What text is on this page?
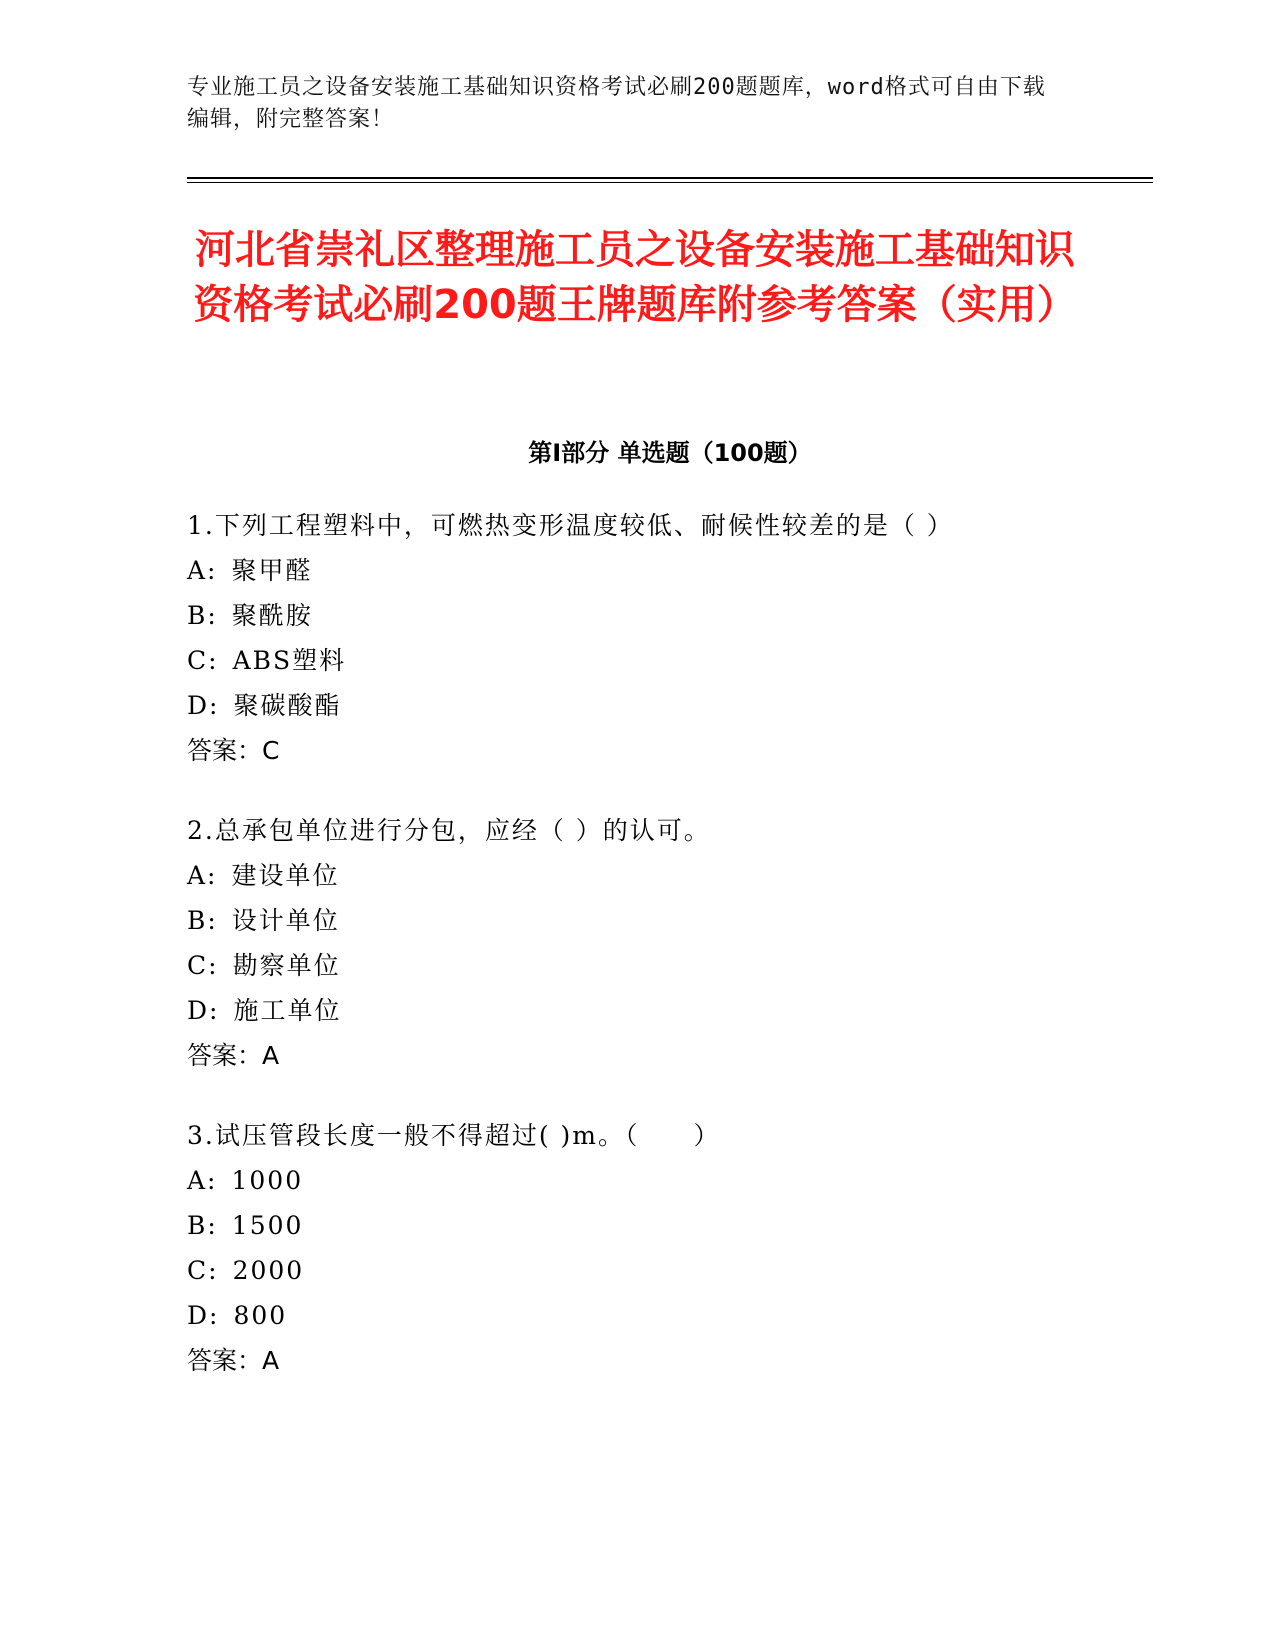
专业施工员之设备安装施工基础知识资格考试必刷200题题库，word格式可自由下载编辑，附完整答案！

河北省崇礼区整理施工员之设备安装施工基础知识资格考试必刷200题王牌题库附参考答案（实用）
第Ⅰ部分 单选题（100题）

1.下列工程塑料中，可燃热变形温度较低、耐候性较差的是（ ）

A: 聚甲醛

B: 聚酰胺

C: ABS塑料

D: 聚碳酸酯

答案：C

2.总承包单位进行分包，应经（ ）的认可。

A: 建设单位

B: 设计单位

C: 勘察单位

D: 施工单位

答案：A

3.试压管段长度一般不得超过( )m。（　　）

A: 1000

B: 1500

C: 2000

D: 800

答案：A
